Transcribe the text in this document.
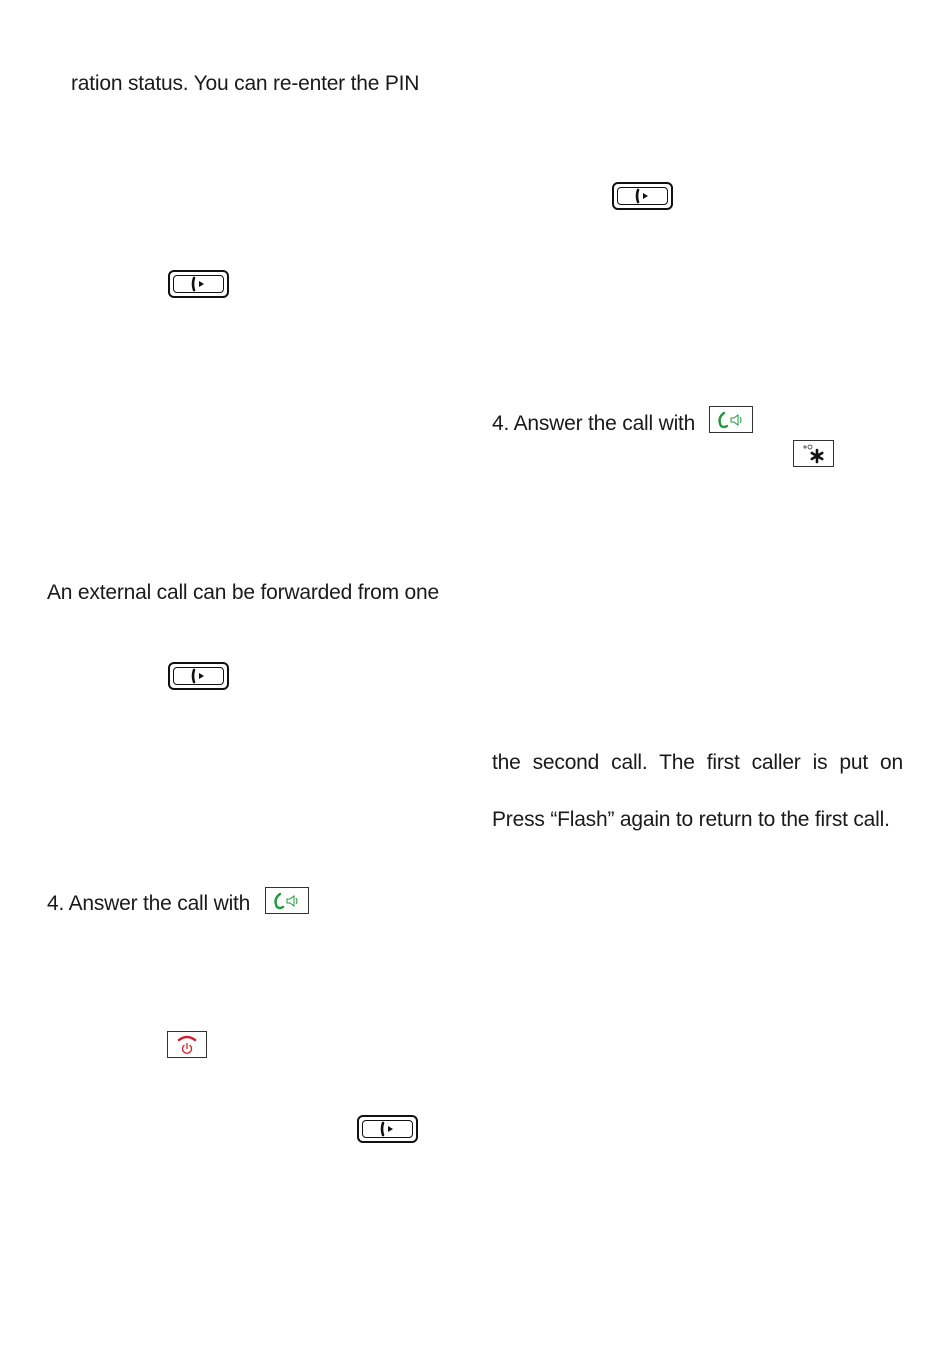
ration status. You can re-enter the PIN
An external call can be forwarded from one
4. Answer the call with
4. Answer the call with
the second call. The first caller is put on
Press “Flash” again to return to the first call.
